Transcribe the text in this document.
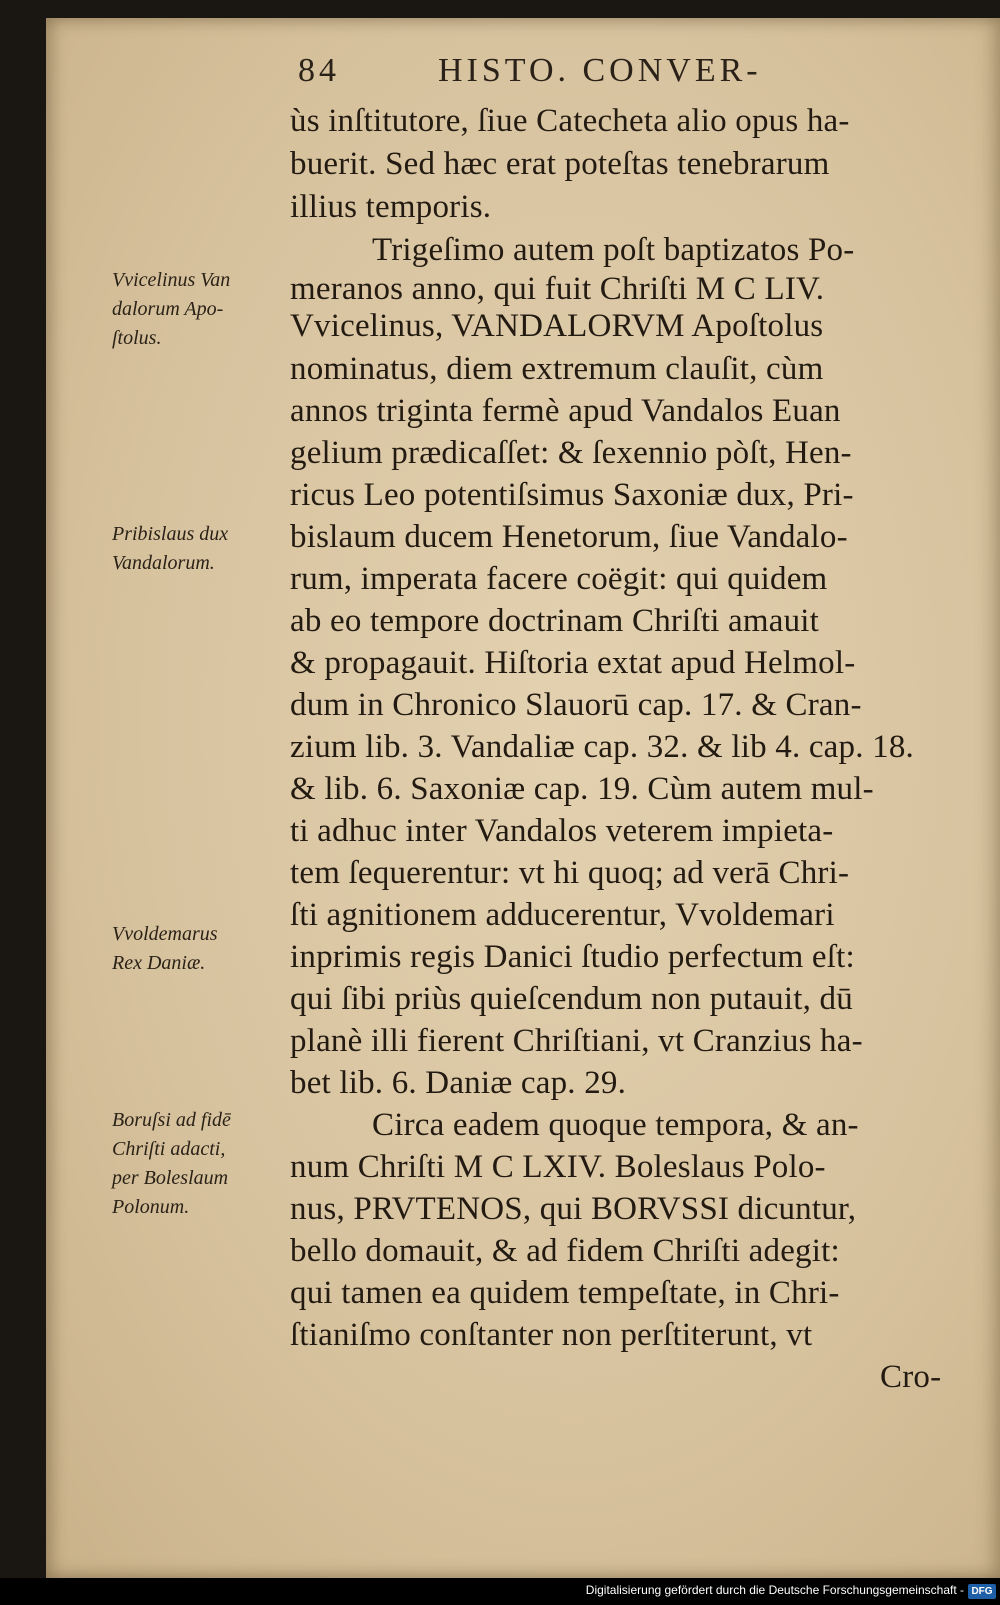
84	HISTO. CONVER-
ùs inſtitutore, ſiue Catecheta alio opus ha-
buerit. Sed hæc erat poteſtas tenebrarum
illius temporis.
Trigeſimo autem poſt baptizatos Po-
meranos anno, qui fuit Chriſti M C LIV.
Vvicelinus, VANDALORVM Apoſtolus
nominatus, diem extremum clauſit, cùm
annos triginta fermè apud Vandalos Euan
gelium prædicaſſet: & ſexennio pòſt, Hen-
ricus Leo potentiſsimus Saxoniæ dux, Pri-
bislaum ducem Henetorum, ſiue Vandalo-
rum, imperata facere coëgit: qui quidem
ab eo tempore doctrinam Chriſti amauit
& propagauit. Hiſtoria extat apud Helmol-
dum in Chronico Slauorū cap. 17. & Cran-
zium lib. 3. Vandaliæ cap. 32. & lib 4. cap. 18.
& lib. 6. Saxoniæ cap. 19. Cùm autem mul-
ti adhuc inter Vandalos veterem impieta-
tem ſequerentur: vt hi quoq; ad verā Chri-
ſti agnitionem adducerentur, Vvoldemari
inprimis regis Danici ſtudio perfectum eſt:
qui ſibi priùs quieſcendum non putauit, dū
planè illi fierent Chriſtiani, vt Cranzius ha-
bet lib. 6. Daniæ cap. 29.
Circa eadem quoque tempora, & an-
num Chriſti M C LXIV. Boleslaus Polo-
nus, PRVTENOS, qui BORVSSI dicuntur,
bello domauit, & ad fidem Chriſti adegit:
qui tamen ea quidem tempeſtate, in Chri-
ſtianiſmo conſtanter non perſtiterunt, vt
Cro-
Vvicelinus Van
dalorum Apo-
ſtolus.
Pribislaus dux
Vandalorum.
Vvoldemarus
Rex Daniæ.
Boruſsi ad fidē
Chriſti adacti,
per Boleslaum
Polonum.
Digitalisierung gefördert durch die Deutsche Forschungsgemeinschaft - DFG
